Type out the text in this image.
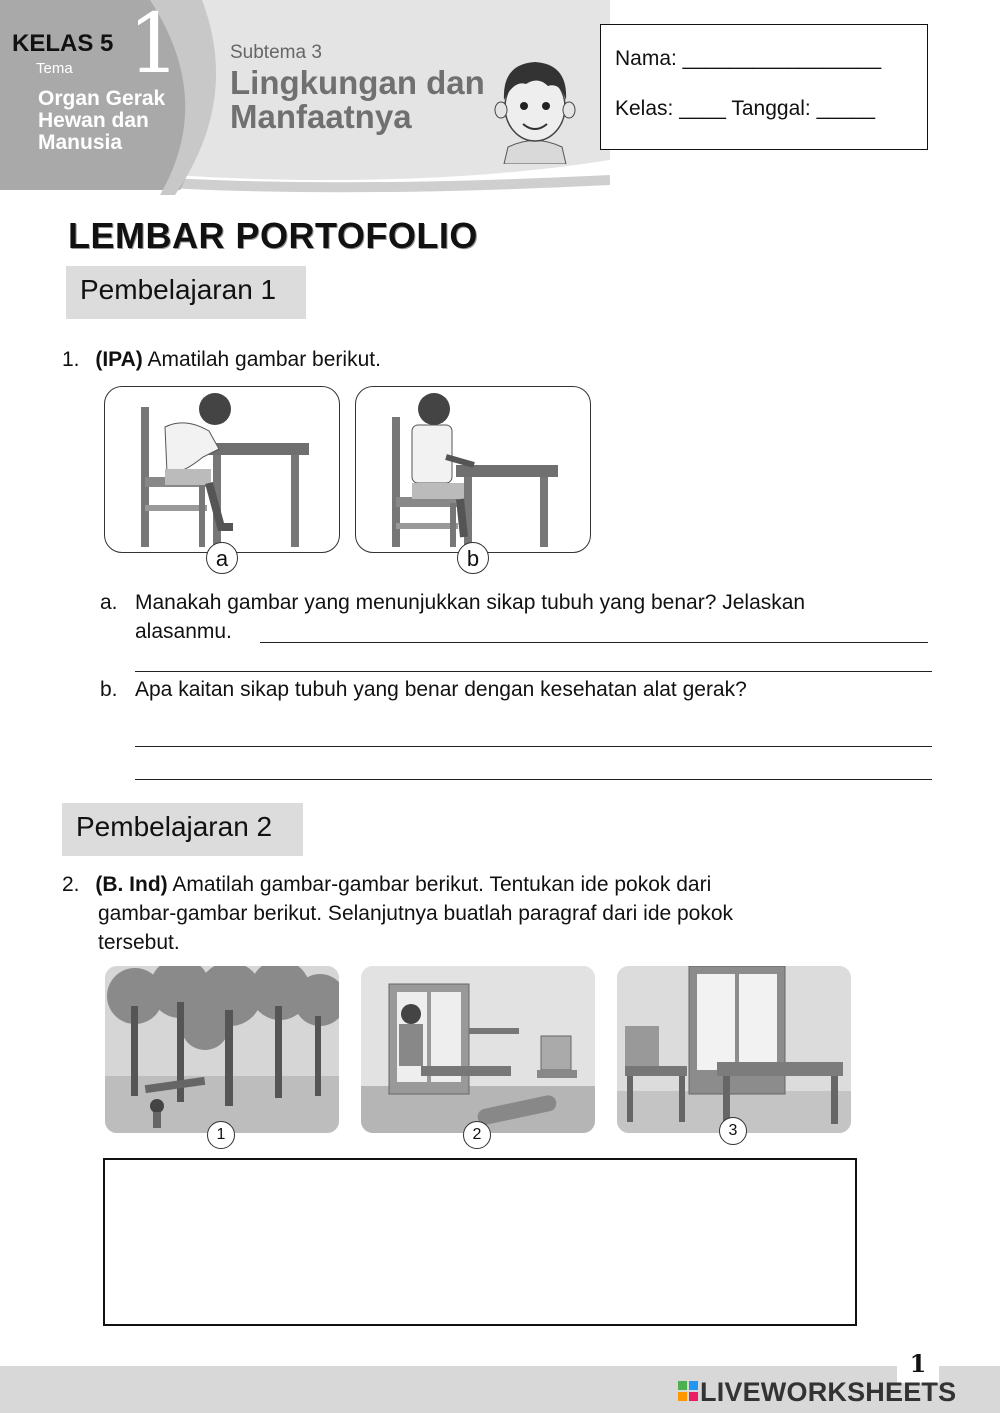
KELAS 5 1
Tema
Organ Gerak Hewan dan Manusia
Subtema 3
Lingkungan dan Manfaatnya
Nama: _________________
Kelas: ____ Tanggal: _____
LEMBAR PORTOFOLIO
Pembelajaran 1
1. (IPA) Amatilah gambar berikut.
a	b
a. Manakah gambar yang menunjukkan sikap tubuh yang benar? Jelaskan
alasanmu.
b. Apa kaitan sikap tubuh yang benar dengan kesehatan alat gerak?
Pembelajaran 2
2. (B. Ind) Amatilah gambar-gambar berikut. Tentukan ide pokok dari
gambar-gambar berikut. Selanjutnya buatlah paragraf dari ide pokok
tersebut.
1	2	3
1
LIVEWORKSHEETS
